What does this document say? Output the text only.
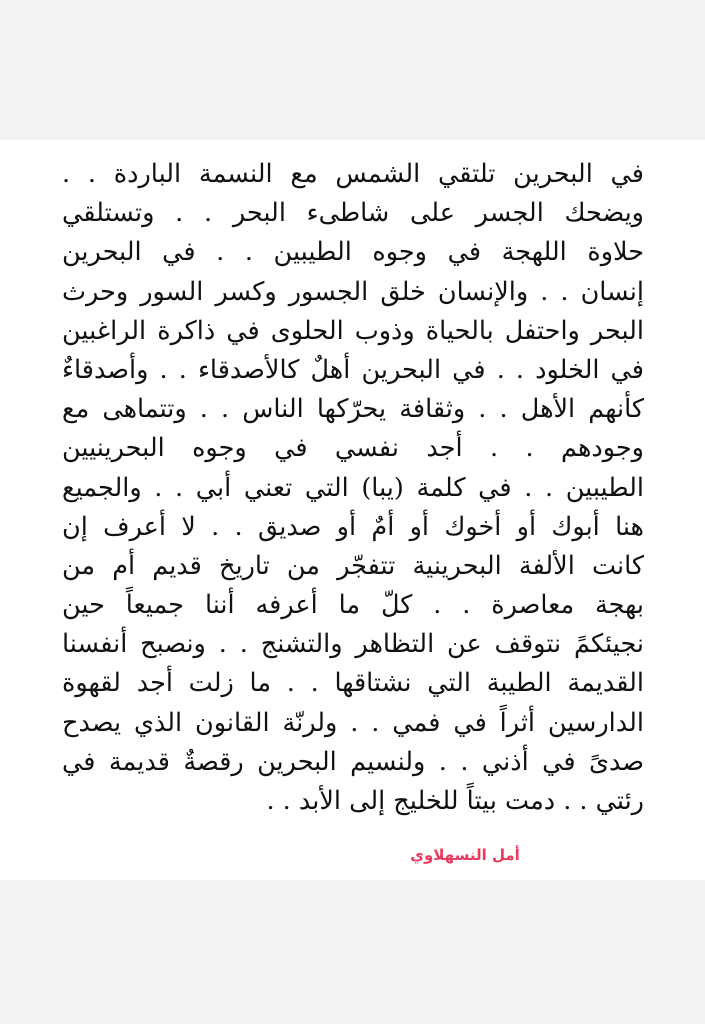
في البحرين تلتقي الشمس مع النسمة الباردة . .
ويضحك الجسر على شاطىء البحر . . وتستلقي
حلاوة اللهجة في وجوه الطيبين . . في البحرين
إنسان . . والإنسان خلق الجسور وكسر السور وحرث
البحر واحتفل بالحياة وذوب الحلوى في ذاكرة الراغبين
في الخلود . . في البحرين أهلٌ كالأصدقاء . . وأصدقاءٌ
كأنهم الأهل . . وثقافة يحرّكها الناس . . وتتماهى مع
وجودهم . . أجد نفسي في وجوه البحرينيين
الطيبين . . في كلمة (يبا) التي تعني أبي . . والجميع
هنا أبوك أو أخوك أو أمٌ أو صديق . . لا أعرف إن
كانت الألفة البحرينية تتفجّر من تاريخ قديم أم من
بهجة معاصرة . . كلّ ما أعرفه أننا جميعاً حين
نجيئكمً نتوقف عن التظاهر والتشنج . . ونصبح أنفسنا
القديمة الطيبة التي نشتاقها . . ما زلت أجد لقهوة
الدارسين أثراً في فمي . . ولرنّة القانون الذي يصدح
صدىً في أذني . . ولنسيم البحرين رقصةٌ قديمة في
رئتي . . دمت بيتاً للخليج إلى الأبد . .
أمل النسهلاوي
